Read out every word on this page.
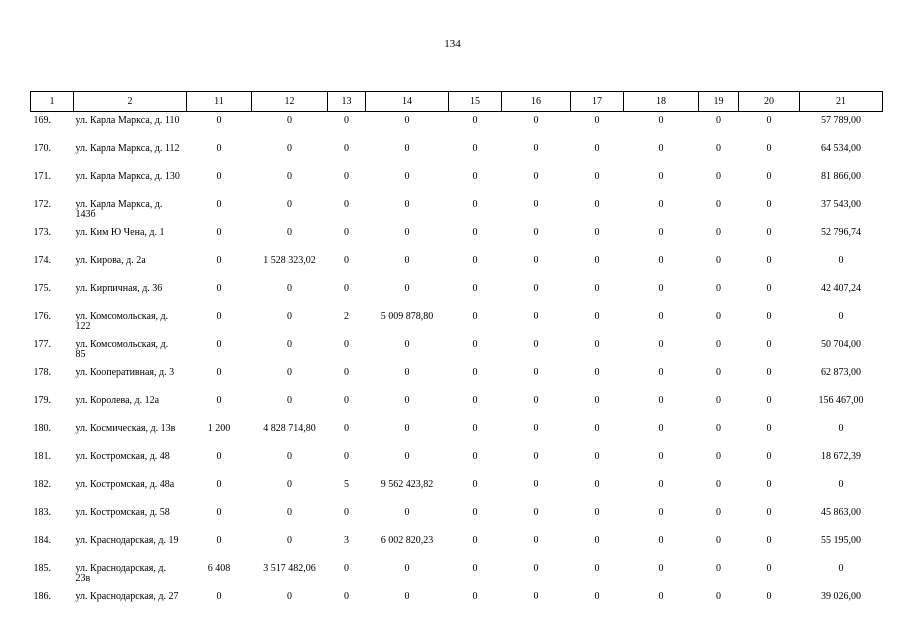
134
1	2	11	12	13	14	15	16	17	18	19	20	21

169.	ул. Карла Маркса, д. 110	0	0	0	0	0	0	0	0	0	0	57 789,00

170.	ул. Карла Маркса, д. 112	0	0	0	0	0	0	0	0	0	0	64 534,00

171.	ул. Карла Маркса, д. 130	0	0	0	0	0	0	0	0	0	0	81 866,00

172.	ул. Карла Маркса, д. 143б	0	0	0	0	0	0	0	0	0	0	37 543,00

173.	ул. Ким Ю Чена, д. 1	0	0	0	0	0	0	0	0	0	0	52 796,74

174.	ул. Кирова, д. 2а	0	1 528 323,02	0	0	0	0	0	0	0	0	0

175.	ул. Кирпичная, д. 36	0	0	0	0	0	0	0	0	0	0	42 407,24

176.	ул. Комсомольская, д. 122	0	0	2	5 009 878,80	0	0	0	0	0	0	0

177.	ул. Комсомольская, д. 85	0	0	0	0	0	0	0	0	0	0	50 704,00

178.	ул. Кооперативная, д. 3	0	0	0	0	0	0	0	0	0	0	62 873,00

179.	ул. Королева, д. 12а	0	0	0	0	0	0	0	0	0	0	156 467,00

180.	ул. Космическая, д. 13в	1 200	4 828 714,80	0	0	0	0	0	0	0	0	0

181.	ул. Костромская, д. 48	0	0	0	0	0	0	0	0	0	0	18 672,39

182.	ул. Костромская, д. 48а	0	0	5	9 562 423,82	0	0	0	0	0	0	0

183.	ул. Костромская, д. 58	0	0	0	0	0	0	0	0	0	0	45 863,00

184.	ул. Краснодарская, д. 19	0	0	3	6 002 820,23	0	0	0	0	0	0	55 195,00

185.	ул. Краснодарская, д. 23в	6 408	3 517 482,06	0	0	0	0	0	0	0	0	0

186.	ул. Краснодарская, д. 27	0	0	0	0	0	0	0	0	0	0	39 026,00
